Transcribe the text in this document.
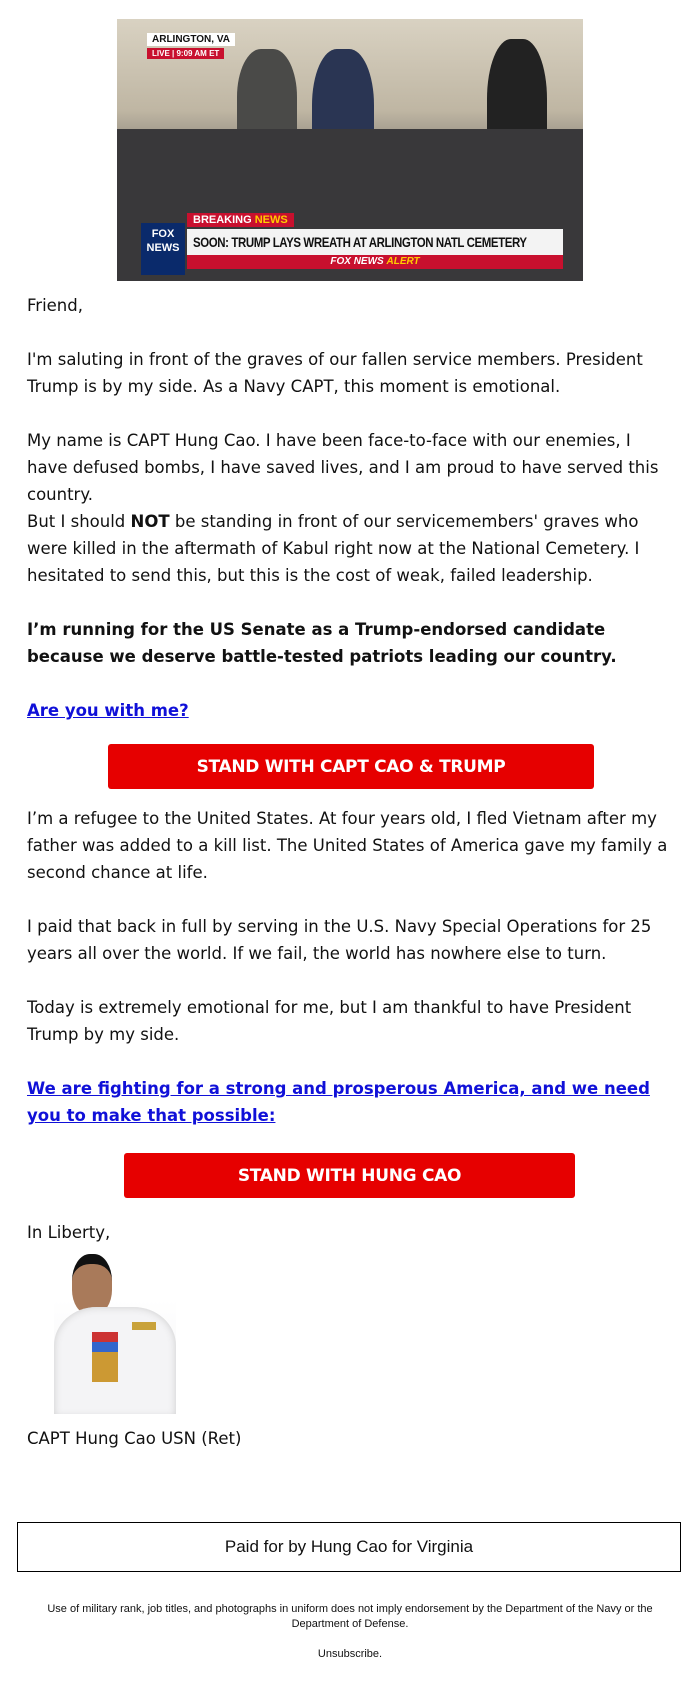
ARLINGTON, VA
LIVE | 9:09 AM ET
BREAKING NEWS
FOX
NEWS SOON: TRUMP LAYS WREATH AT ARLINGTON NATL CEMETERY
FOX NEWS ALERT

Friend,

I'm saluting in front of the graves of our fallen service members. President Trump is by my side. As a Navy CAPT, this moment is emotional.

My name is CAPT Hung Cao. I have been face-to-face with our enemies, I have defused bombs, I have saved lives, and I am proud to have served this country.

But I should NOT be standing in front of our servicemembers' graves who were killed in the aftermath of Kabul right now at the National Cemetery. I hesitated to send this, but this is the cost of weak, failed leadership.

I’m running for the US Senate as a Trump-endorsed candidate because we deserve battle-tested patriots leading our country.

Are you with me?

I’m a refugee to the United States. At four years old, I fled Vietnam after my father was added to a kill list. The United States of America gave my family a second chance at life.

I paid that back in full by serving in the U.S. Navy Special Operations for 25 years all over the world. If we fail, the world has nowhere else to turn.

Today is extremely emotional for me, but I am thankful to have President Trump by my side.

We are fighting for a strong and prosperous America, and we need you to make that possible:

In Liberty,

CAPT Hung Cao USN (Ret)

STAND WITH CAPT CAO & TRUMP
STAND WITH HUNG CAO
Paid for by Hung Cao for Virginia
Use of military rank, job titles, and photographs in uniform does not imply endorsement by the Department of the Navy or the Department of Defense.
Unsubscribe.
